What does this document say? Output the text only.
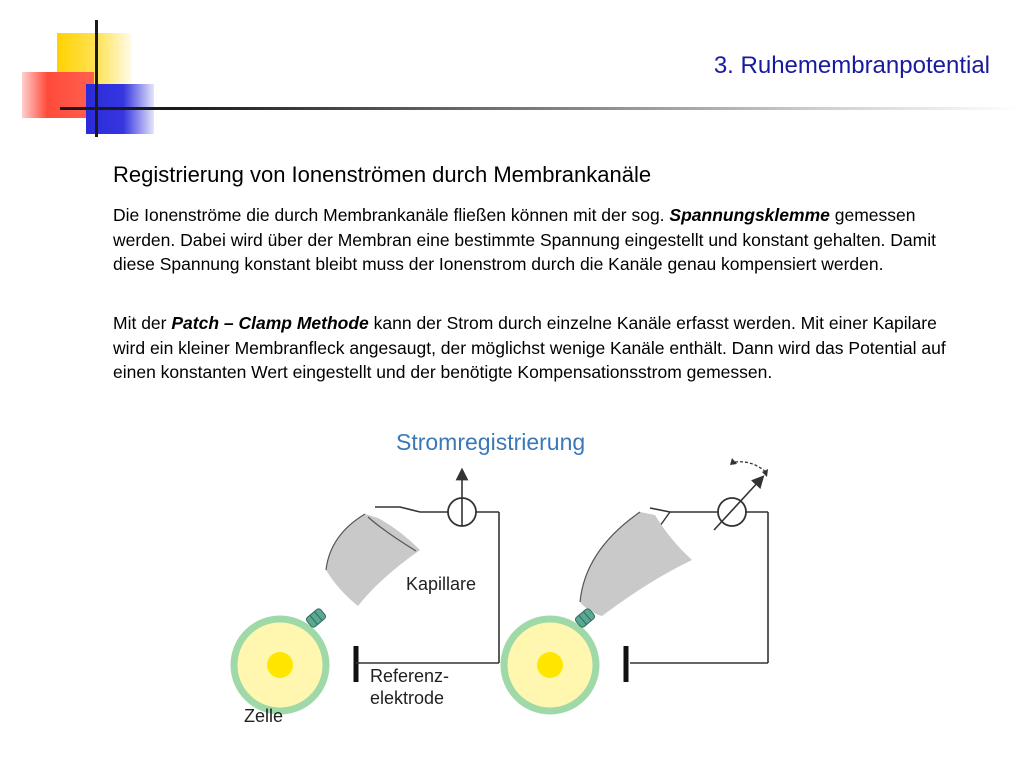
3. Ruhemembranpotential
Registrierung von Ionenströmen durch Membrankanäle
Die Ionenströme die durch Membrankanäle fließen können mit der sog. Spannungsklemme gemessen werden. Dabei wird über der Membran eine bestimmte Spannung eingestellt und konstant gehalten. Damit diese Spannung konstant bleibt muss der Ionenstrom durch die Kanäle genau kompensiert werden.
Mit der Patch – Clamp Methode kann der Strom durch einzelne Kanäle erfasst werden. Mit einer Kapilare wird ein kleiner Membranfleck angesaugt, der möglichst wenige Kanäle enthält. Dann wird das Potential auf einen konstanten Wert eingestellt und der benötigte Kompensationsstrom gemessen.
Stromregistrierung
Kapillare
Referenz-
elektrode
Zelle
